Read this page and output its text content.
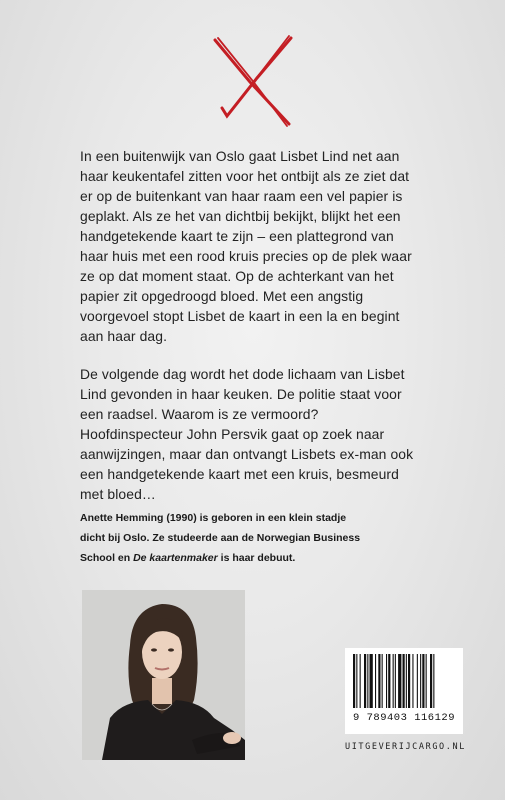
In een buitenwijk van Oslo gaat Lisbet Lind net aan haar keukentafel zitten voor het ontbijt als ze ziet dat er op de buitenkant van haar raam een vel papier is geplakt. Als ze het van dichtbij bekijkt, blijkt het een handgetekende kaart te zijn – een plattegrond van haar huis met een rood kruis precies op de plek waar ze op dat moment staat. Op de achterkant van het papier zit opgedroogd bloed. Met een angstig voorgevoel stopt Lisbet de kaart in een la en begint aan haar dag.

De volgende dag wordt het dode lichaam van Lisbet Lind gevonden in haar keuken. De politie staat voor een raadsel. Waarom is ze vermoord? Hoofdinspecteur John Persvik gaat op zoek naar aanwijzingen, maar dan ontvangt Lisbets ex-man ook een handgetekende kaart met een kruis, besmeurd met bloed…

Anette Hemming (1990) is geboren in een klein stadje dicht bij Oslo. Ze studeerde aan de Norwegian Business School en De kaartenmaker is haar debuut.

9 789403 116129
UITGEVERIJCARGO.NL
